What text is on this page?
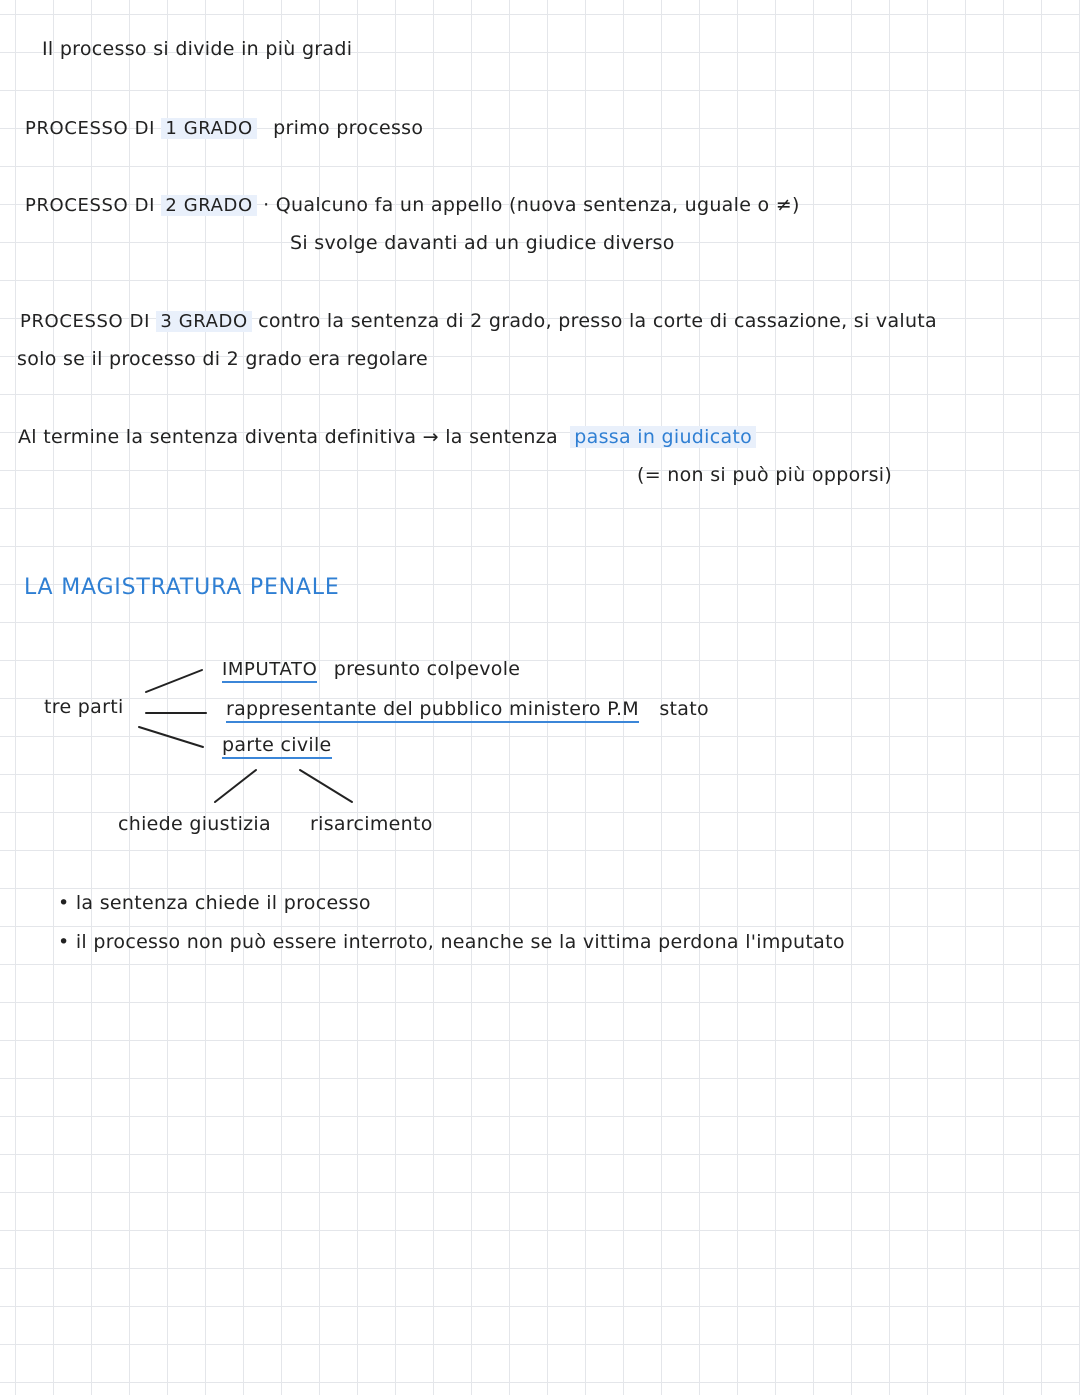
Il processo si divide in più gradi
PROCESSO DI 1 GRADO primo processo
PROCESSO DI 2 GRADO · Qualcuno fa un appello (nuova sentenza, uguale o ≠)
Si svolge davanti ad un giudice diverso
PROCESSO DI 3 GRADO contro la sentenza di 2 grado, presso la corte di cassazione, si valuta
solo se il processo di 2 grado era regolare
Al termine la sentenza diventa definitiva → la sentenza passa in giudicato
(= non si può più opporsi)
LA MAGISTRATURA PENALE
tre parti
IMPUTATO presunto colpevole
rappresentante del pubblico ministero P.M stato
parte civile
chiede giustizia risarcimento
• la sentenza chiede il processo
• il processo non può essere interroto, neanche se la vittima perdona l'imputato
